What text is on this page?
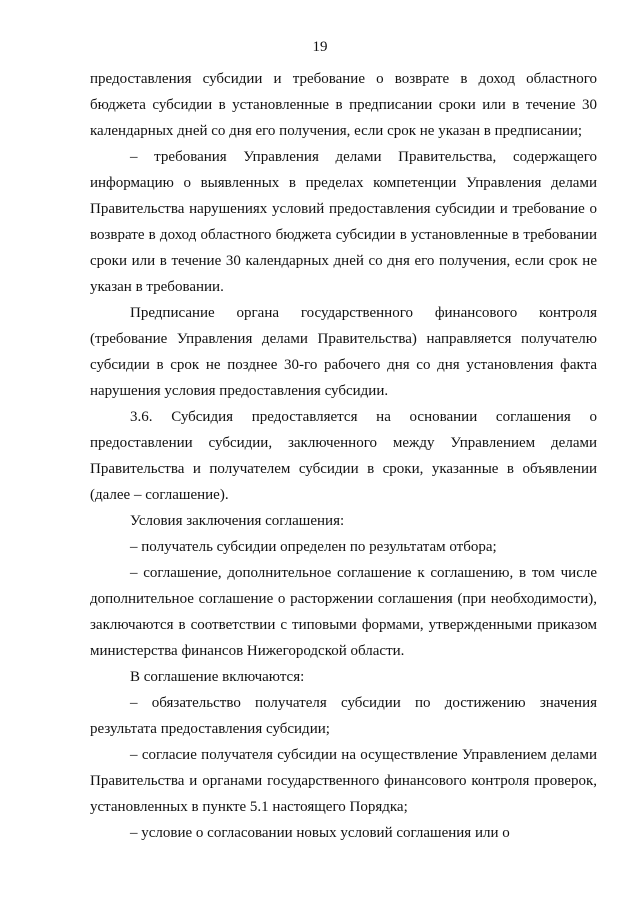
19

предоставления субсидии и требование о возврате в доход областного бюджета субсидии в установленные в предписании сроки или в течение 30 календарных дней со дня его получения, если срок не указан в предписании;

– требования Управления делами Правительства, содержащего информацию о выявленных в пределах компетенции Управления делами Правительства нарушениях условий предоставления субсидии и требование о возврате в доход областного бюджета субсидии в установленные в требовании сроки или в течение 30 календарных дней со дня его получения, если срок не указан в требовании.

Предписание органа государственного финансового контроля (требование Управления делами Правительства) направляется получателю субсидии в срок не позднее 30-го рабочего дня со дня установления факта нарушения условия предоставления субсидии.

3.6. Субсидия предоставляется на основании соглашения о предоставлении субсидии, заключенного между Управлением делами Правительства и получателем субсидии в сроки, указанные в объявлении (далее – соглашение).

Условия заключения соглашения:

– получатель субсидии определен по результатам отбора;

– соглашение, дополнительное соглашение к соглашению, в том числе дополнительное соглашение о расторжении соглашения (при необходимости), заключаются в соответствии с типовыми формами, утвержденными приказом министерства финансов Нижегородской области.

В соглашение включаются:

– обязательство получателя субсидии по достижению значения результата предоставления субсидии;

– согласие получателя субсидии на осуществление Управлением делами Правительства и органами государственного финансового контроля проверок, установленных в пункте 5.1 настоящего Порядка;

– условие о согласовании новых условий соглашения или о
